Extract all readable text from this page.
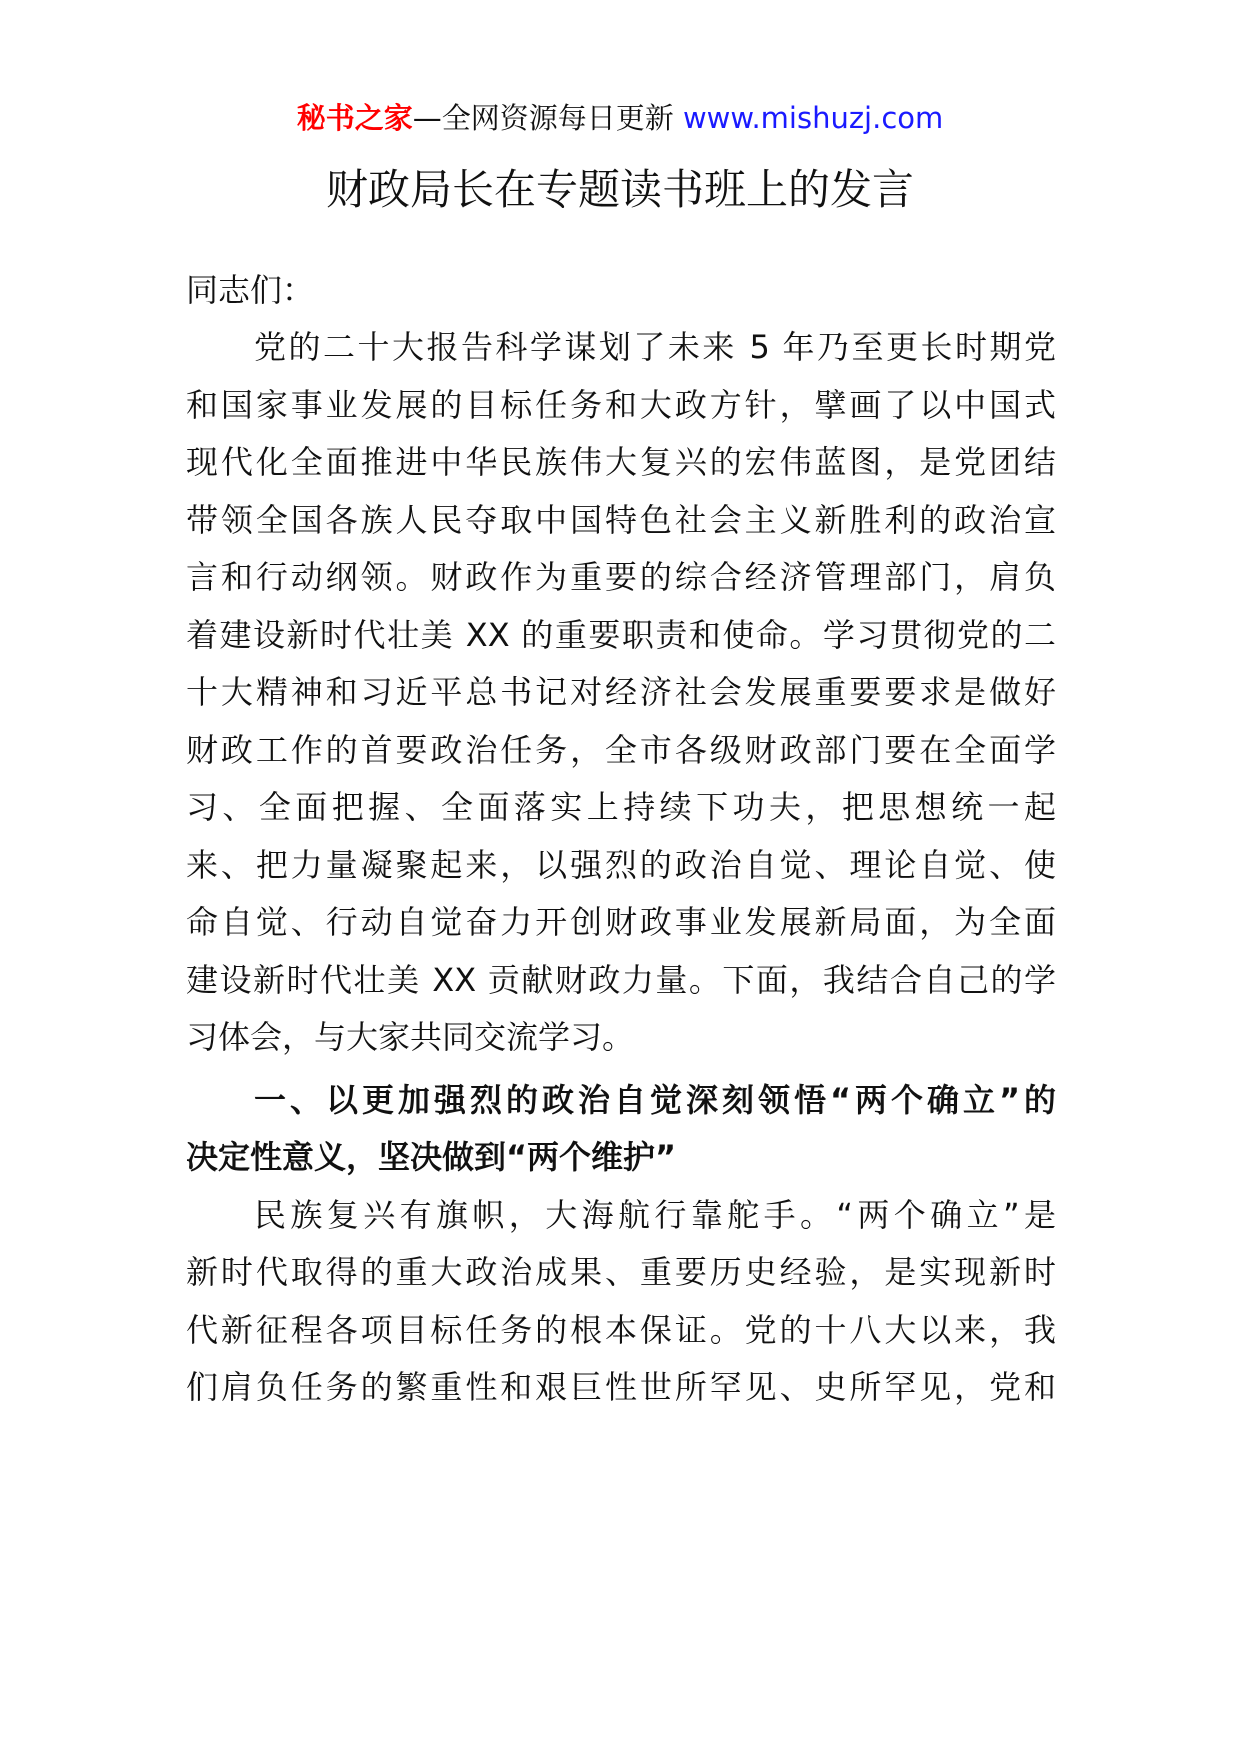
秘书之家—全网资源每日更新 www.mishuzj.com
财政局长在专题读书班上的发言
同志们：
党的二十大报告科学谋划了未来 5 年乃至更长时期党
和国家事业发展的目标任务和大政方针，擘画了以中国式
现代化全面推进中华民族伟大复兴的宏伟蓝图，是党团结
带领全国各族人民夺取中国特色社会主义新胜利的政治宣
言和行动纲领。财政作为重要的综合经济管理部门，肩负
着建设新时代壮美 XX 的重要职责和使命。学习贯彻党的二
十大精神和习近平总书记对经济社会发展重要要求是做好
财政工作的首要政治任务，全市各级财政部门要在全面学
习、全面把握、全面落实上持续下功夫，把思想统一起
来、把力量凝聚起来，以强烈的政治自觉、理论自觉、使
命自觉、行动自觉奋力开创财政事业发展新局面，为全面
建设新时代壮美 XX 贡献财政力量。下面，我结合自己的学
习体会，与大家共同交流学习。
一、以更加强烈的政治自觉深刻领悟“两个确立”的
决定性意义，坚决做到“两个维护”
民族复兴有旗帜，大海航行靠舵手。“两个确立”是
新时代取得的重大政治成果、重要历史经验，是实现新时
代新征程各项目标任务的根本保证。党的十八大以来，我
们肩负任务的繁重性和艰巨性世所罕见、史所罕见，党和
